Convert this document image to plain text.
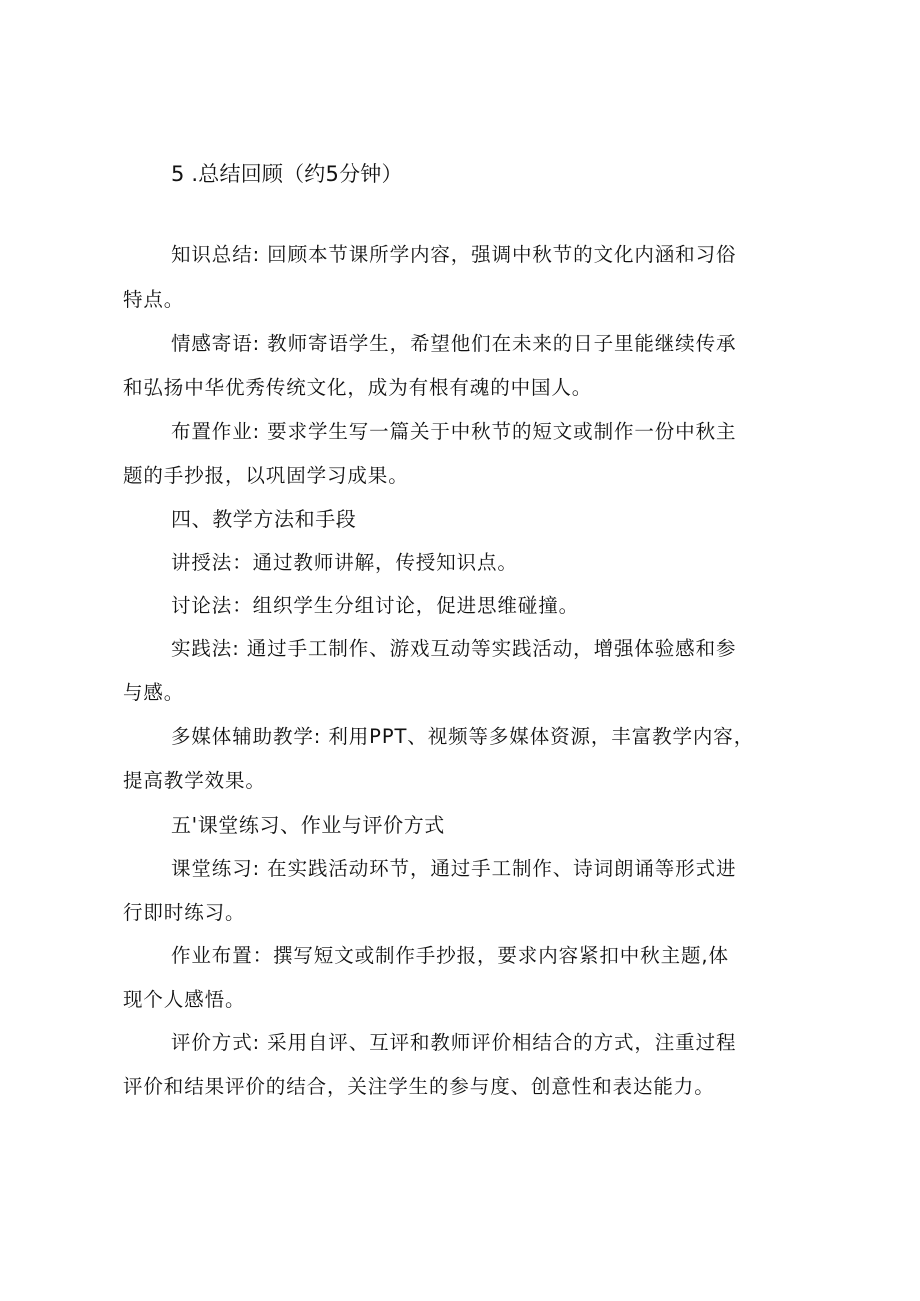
5 .总结回顾（约5分钟）

知识总结: 回顾本节课所学内容，强调中秋节的文化内涵和习俗

特点。

情感寄语: 教师寄语学生，希望他们在未来的日子里能继续传承

和弘扬中华优秀传统文化，成为有根有魂的中国人。

布置作业: 要求学生写一篇关于中秋节的短文或制作一份中秋主

题的手抄报，以巩固学习成果。

四、教学方法和手段

讲授法：通过教师讲解，传授知识点。

讨论法：组织学生分组讨论，促进思维碰撞。

实践法: 通过手工制作、游戏互动等实践活动，增强体验感和参

与感。

多媒体辅助教学: 利用PPT、视频等多媒体资源，丰富教学内容，

提高教学效果。

五'课堂练习、作业与评价方式

课堂练习: 在实践活动环节，通过手工制作、诗词朗诵等形式进

行即时练习。

作业布置：撰写短文或制作手抄报，要求内容紧扣中秋主题,体

现个人感悟。

评价方式: 采用自评、互评和教师评价相结合的方式，注重过程

评价和结果评价的结合，关注学生的参与度、创意性和表达能力。
